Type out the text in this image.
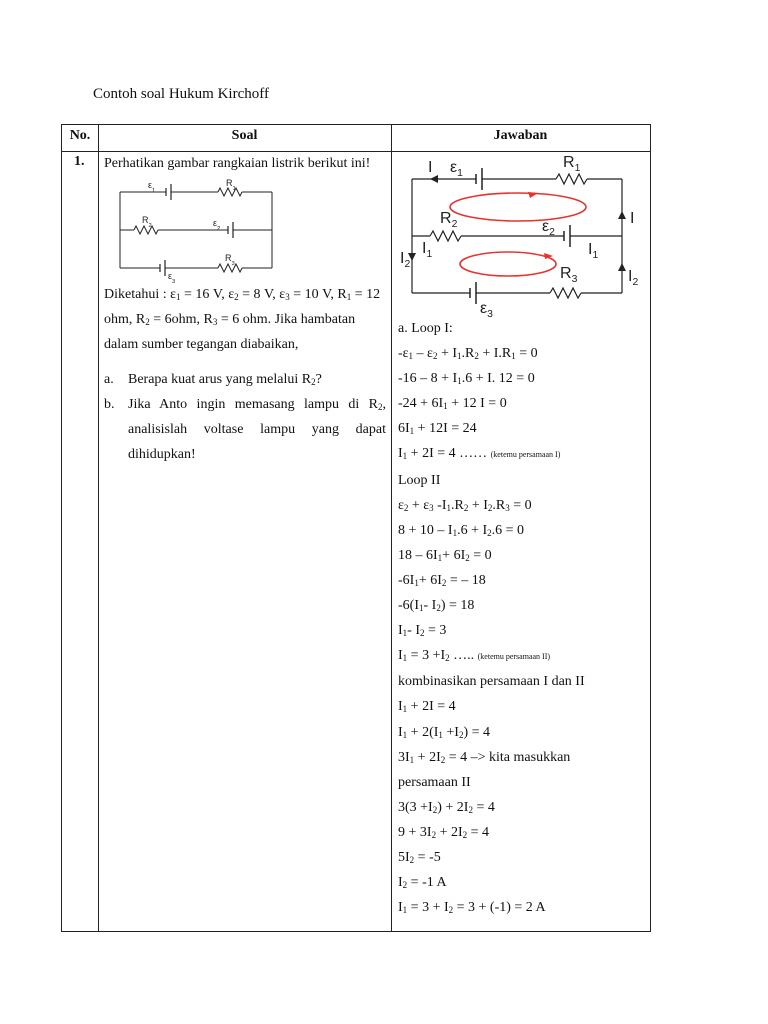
Contoh soal Hukum Kirchoff
No.	Soal	Jawaban
1. Perhatikan gambar rangkaian listrik berikut ini!

$\varepsilon_1$
$R_1$
$R_2$	$\varepsilon_2$
$R_3$
$\varepsilon_3$

Diketahui : $\varepsilon_1 = 16$ V, $\varepsilon_2 = 8$ V, $\varepsilon_3 = 10$ V, $R_1 = 12$ ohm, $R_2 = 6ohm$, $R_3 = 6$ ohm. Jika hambatan dalam sumber tegangan diabaikan,

a.	Berapa kuat arus yang melalui $R_2$?
b. Jika Anto ingin memasang lampu di $R_2$, analisislah voltase lampu yang dapat dihidupkan!
I $\varepsilon_1$
$R_1$
$R_2$	$\varepsilon_2$
I
$I_2$
$I_1$	$I_1$
$R_3$	$I_2$
$\varepsilon_3$
a. Loop I:
$-\varepsilon_1 - \varepsilon_2 + I_1.R_2 + I.R_1 = 0$
$-16 - 8 + I_1.6 + I$. 12 = 0
$-24 + 6I_1 + 12$ I = 0
$6I_1 + 12I = 24$
$I_1 + 2I = 4$ …… (ketemu persamaan I)
Loop II
$\varepsilon_2 + \varepsilon_3$ $-I_1.R_2 + I_2.R_3 = 0$
$8 + 10 - I_1.6 + I_2.6 = 0$
$18 - 6I_1+ 6I_2 = 0$
$-6I_1+ 6I_2$ = – 18
$-6(I_1-$ $I_2) = 18$
$I_1-$ $I_2 = 3$
$I_1 = 3 +I_2$ ….. (ketemu persamaan II)
kombinasikan persamaan I dan II
$I_1 + 2I = 4$
$I_1 + 2(I_1 +I_2) = 4$
$3I_1 + 2I_2 = 4$ –> kita masukkan
persamaan II
$3(3 +I_2) + 2I_2 = 4$
$9 + 3I_2 + 2I_2 = 4$
$5I_2 = -5$
$I_2 = -1$ A
$I_1 = 3 + I_2 = 3 + (-1) = 2$ A
